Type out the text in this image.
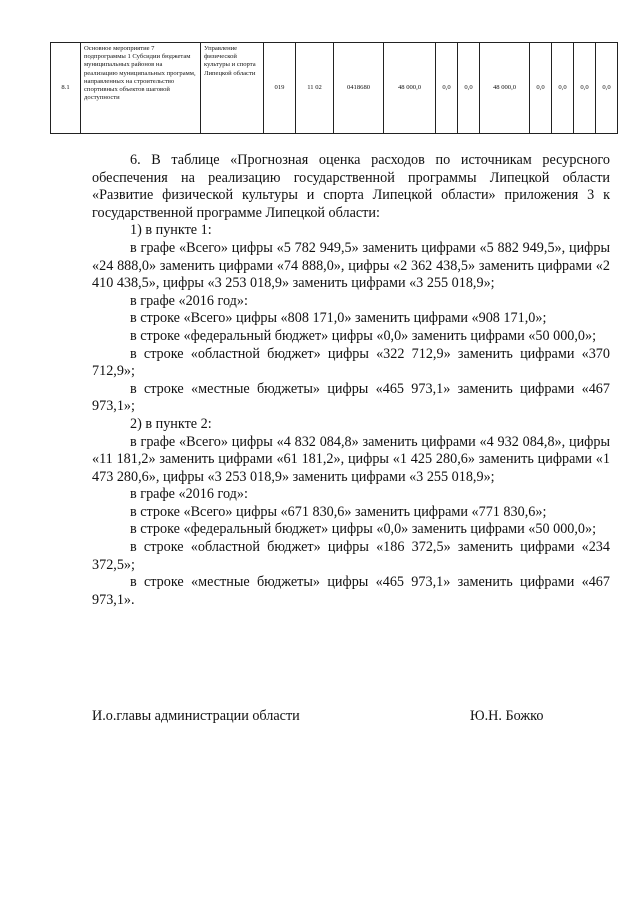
8.1	Основное мероприятие 7 подпрограммы 1 Субсидии бюджетам муниципальных районов на реализацию муниципальных программ, направленных на строительство спортивных объектов шаговой доступности	Управление физической культуры и спорта Липецкой области	019	11 02	0418680	48 000,0	0,0	0,0	48 000,0	0,0	0,0	0,0	0,0

6. В таблице «Прогнозная оценка расходов по источникам ресурсного обеспечения на реализацию государственной программы Липецкой области «Развитие физической культуры и спорта Липецкой области» приложения 3 к государственной программе Липецкой области:

1) в пункте 1:

в графе «Всего» цифры «5 782 949,5» заменить цифрами «5 882 949,5», цифры «24 888,0» заменить цифрами «74 888,0», цифры «2 362 438,5» заменить цифрами «2 410 438,5», цифры «3 253 018,9» заменить цифрами «3 255 018,9»;

в графе «2016 год»:

в строке «Всего» цифры «808 171,0» заменить цифрами «908 171,0»;

в строке «федеральный бюджет» цифры «0,0» заменить цифрами «50 000,0»;

в строке «областной бюджет» цифры «322 712,9» заменить цифрами «370 712,9»;

в строке «местные бюджеты» цифры «465 973,1» заменить цифрами «467 973,1»;

2) в пункте 2:

в графе «Всего» цифры «4 832 084,8» заменить цифрами «4 932 084,8», цифры «11 181,2» заменить цифрами «61 181,2», цифры «1 425 280,6» заменить цифрами «1 473 280,6», цифры «3 253 018,9» заменить цифрами «3 255 018,9»;

в графе «2016 год»:

в строке «Всего» цифры «671 830,6» заменить цифрами «771 830,6»;

в строке «федеральный бюджет» цифры «0,0» заменить цифрами «50 000,0»;

в строке «областной бюджет» цифры «186 372,5» заменить цифрами «234 372,5»;

в строке «местные бюджеты» цифры «465 973,1» заменить цифрами «467 973,1».

И.о.главы администрации области	Ю.Н. Божко
